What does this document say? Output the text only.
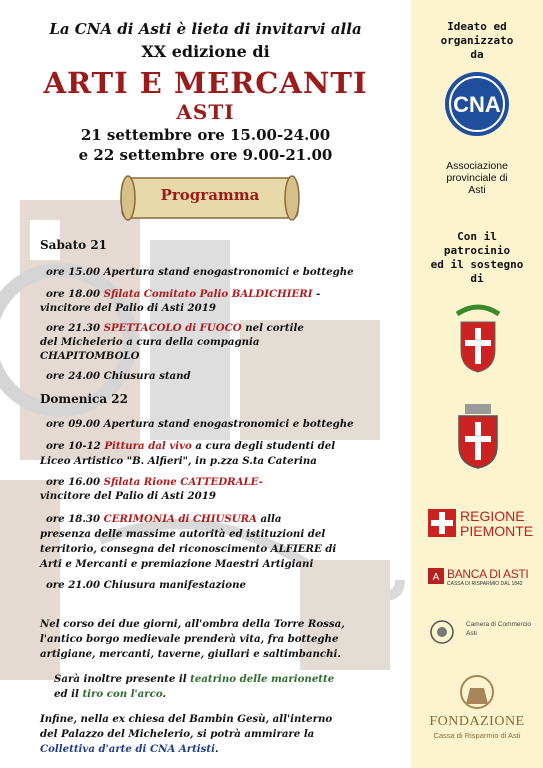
La CNA di Asti è lieta di invitarvi alla
XX edizione di
ARTI E MERCANTI
ASTI
21 settembre ore 15.00-24.00
e 22 settembre ore 9.00-21.00
Programma
Sabato 21
ore 15.00 Apertura stand enogastronomici e botteghe
ore 18.00 Sfilata Comitato Palio BALDICHIERI -
vincitore del Palio di Asti 2019
ore 21.30 SPETTACOLO di FUOCO nel cortile
del Michelerio a cura della compagnia
CHAPITOMBOLO
ore 24.00 Chiusura stand
Domenica 22
ore 09.00 Apertura stand enogastronomici e botteghe
ore 10-12 Pittura dal vivo a cura degli studenti del
Liceo Artistico "B. Alfieri", in p.zza S.ta Caterina
ore 16.00 Sfilata Rione CATTEDRALE-
vincitore del Palio di Asti 2019
ore 18.30 CERIMONIA di CHIUSURA alla
presenza delle massime autorità ed istituzioni del
territorio, consegna del riconoscimento ALFIERE di
Arti e Mercanti e premiazione Maestri Artigiani
ore 21.00 Chiusura manifestazione
Nel corso dei due giorni, all'ombra della Torre Rossa,
l'antico borgo medievale prenderà vita, fra botteghe
artigiane, mercanti, taverne, giullari e saltimbanchi.
Sarà inoltre presente il teatrino delle marionette
ed il tiro con l'arco.
Infine, nella ex chiesa del Bambin Gesù, all'interno
del Palazzo del Michelerio, si potrà ammirare la
Collettiva d'arte di CNA Artisti.
Ideato ed
organizzato
da
CNA
Associazione
provinciale di
Asti
Con il
patrocinio
ed il sostegno
di
REGIONE
PIEMONTE
A BANCA DI ASTI
CASSA DI RISPARMIO DAL 1842
Camera di Commercio
Asti
FONDAZIONE
Cassa di Risparmio di Asti
